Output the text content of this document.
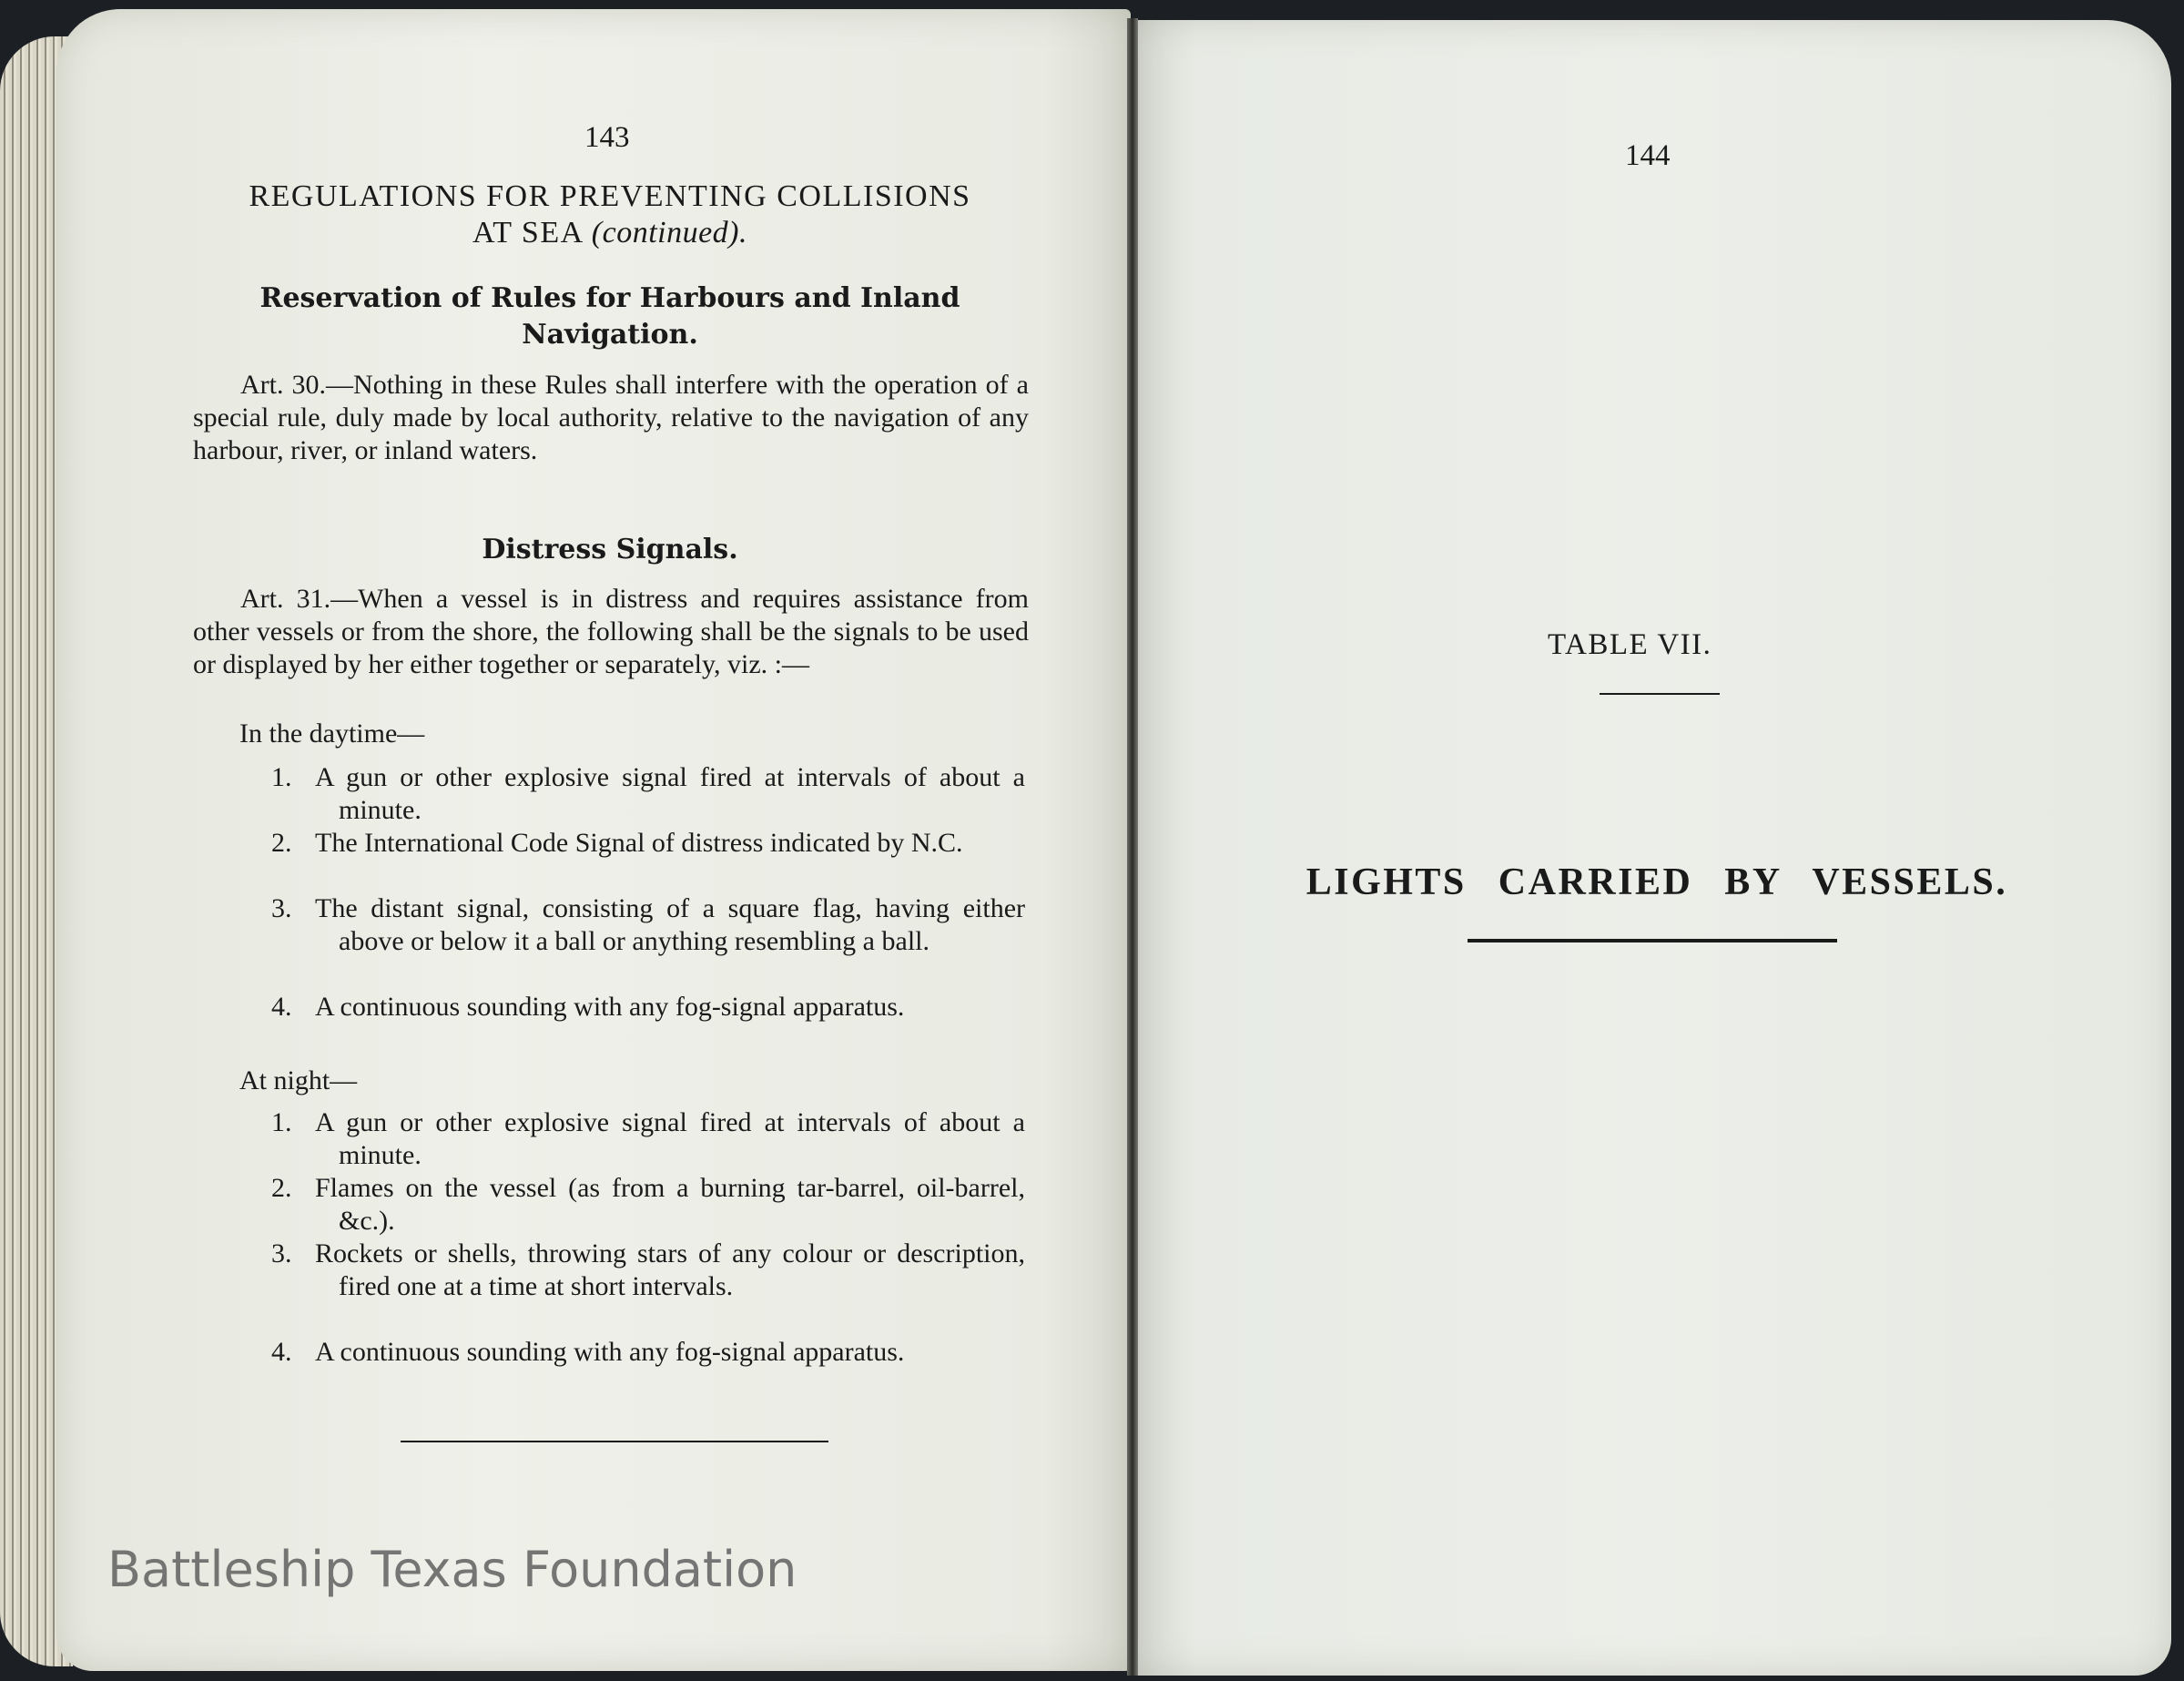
143
REGULATIONS FOR PREVENTING COLLISIONS
AT SEA (continued).
Reservation of Rules for Harbours and Inland
Navigation.
Art. 30.—Nothing in these Rules shall interfere with the operation of a special rule, duly made by local authority, relative to the navigation of any harbour, river, or inland waters.
Distress Signals.
Art. 31.—When a vessel is in distress and requires assistance from other vessels or from the shore, the following shall be the signals to be used or displayed by her either together or separately, viz. :—
In the daytime—
1. A gun or other explosive signal fired at intervals of about a minute.
2. The International Code Signal of distress indicated by N.C.
3. The distant signal, consisting of a square flag, having either above or below it a ball or anything resembling a ball.
4. A continuous sounding with any fog-signal apparatus.
At night—
1. A gun or other explosive signal fired at intervals of about a minute.
2. Flames on the vessel (as from a burning tar-barrel, oil-barrel, &c.).
3. Rockets or shells, throwing stars of any colour or description, fired one at a time at short intervals.
4. A continuous sounding with any fog-signal apparatus.
144
TABLE VII.
LIGHTS CARRIED BY VESSELS.
Battleship Texas Foundation
